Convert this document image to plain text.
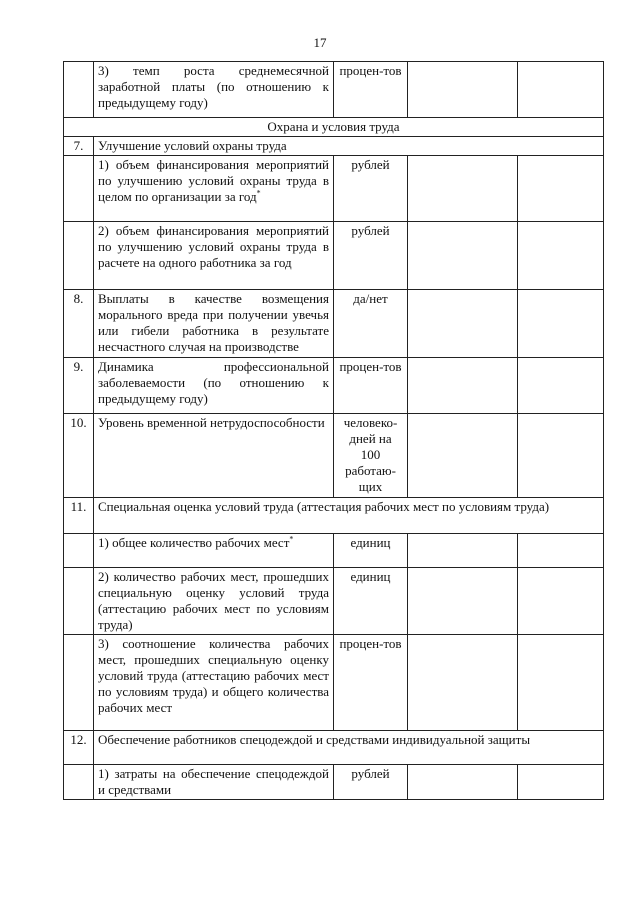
17
	3) темп роста среднемесячной заработной платы (по отношению к предыдущему году)	процен-тов		
Охрана и условия труда				
7.	Улучшение условий охраны труда			
	1) объем финансирования мероприятий по улучшению условий охраны труда в целом по организации за год*	рублей		
	2) объем финансирования мероприятий по улучшению условий охраны труда в расчете на одного работника за год	рублей		
8.	Выплаты в качестве возмещения морального вреда при получении увечья или гибели работника в результате несчастного случая на производстве	да/нет		
9.	Динамика профессиональной заболеваемости (по отношению к предыдущему году)	процен-тов		
10.	Уровень временной нетрудоспособности	человеко-дней на 100 работаю-щих		
11.	Специальная оценка условий труда (аттестация рабочих мест по условиям труда)			
	1) общее количество рабочих мест*	единиц		
	2) количество рабочих мест, прошедших специальную оценку условий труда (аттестацию рабочих мест по условиям труда)	единиц		
	3) соотношение количества рабочих мест, прошедших специальную оценку условий труда (аттестацию рабочих мест по условиям труда) и общего количества рабочих мест	процен-тов		
12.	Обеспечение работников спецодеждой и средствами индивидуальной защиты			
	1) затраты на обеспечение спецодеждой и средствами	рублей		
